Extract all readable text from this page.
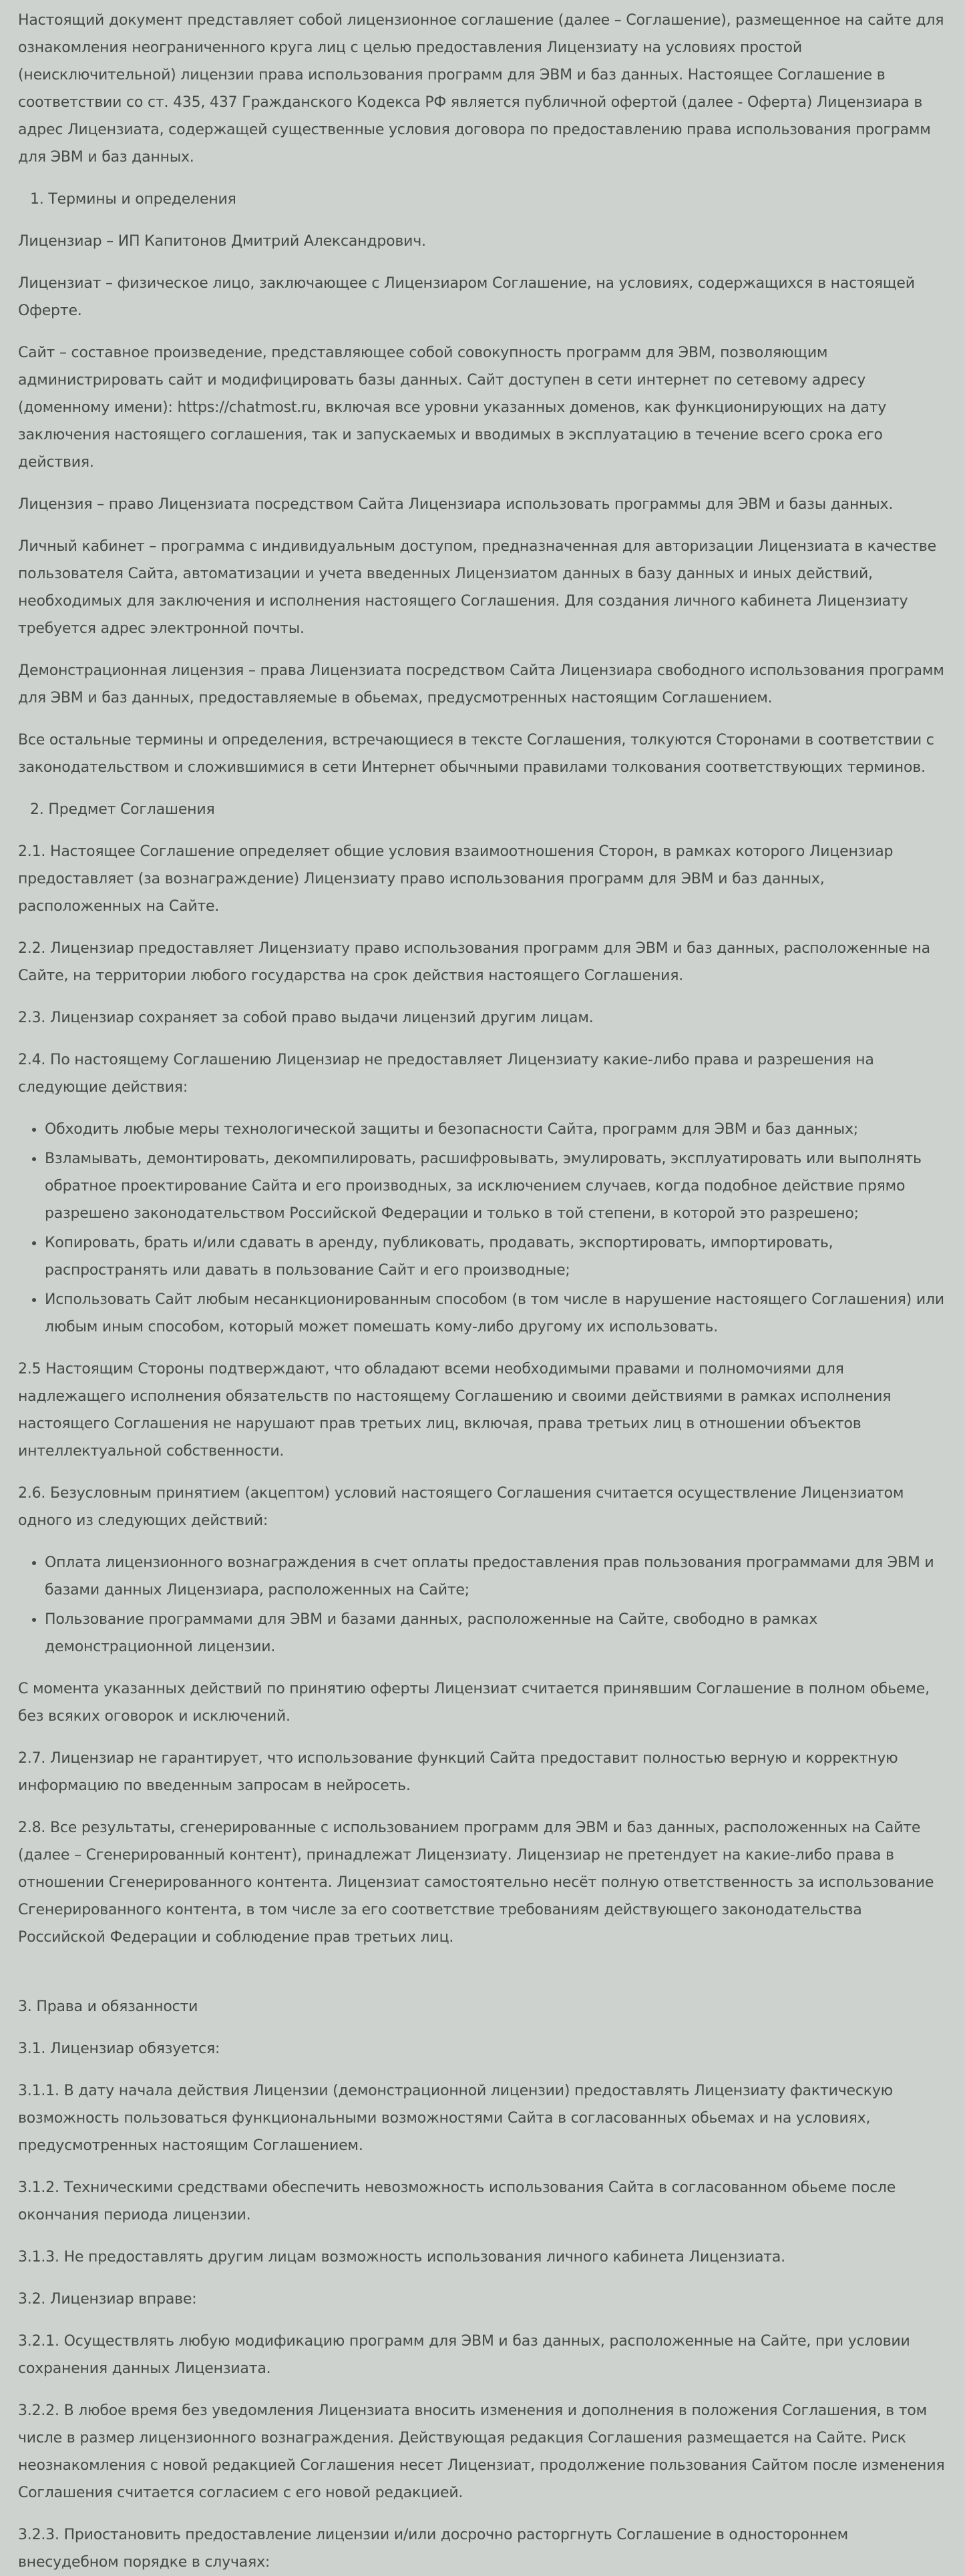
Настоящий документ представляет собой лицензионное соглашение (далее – Соглашение), размещенное на сайте для ознакомления неограниченного круга лиц с целью предоставления Лицензиату на условиях простой (неисключительной) лицензии права использования программ для ЭВМ и баз данных. Настоящее Соглашение в соответствии со ст. 435, 437 Гражданского Кодекса РФ является публичной офертой (далее - Оферта) Лицензиара в адрес Лицензиата, содержащей существенные условия договора по предоставлению права использования программ для ЭВМ и баз данных.

1. Термины и определения

Лицензиар – ИП Капитонов Дмитрий Александрович.

Лицензиат – физическое лицо, заключающее с Лицензиаром Соглашение, на условиях, содержащихся в настоящей Оферте.

Сайт – составное произведение, представляющее собой совокупность программ для ЭВМ, позволяющим администрировать сайт и модифицировать базы данных. Сайт доступен в сети интернет по сетевому адресу (доменному имени): https://chatmost.ru, включая все уровни указанных доменов, как функционирующих на дату заключения настоящего соглашения, так и запускаемых и вводимых в эксплуатацию в течение всего срока его действия.

Лицензия – право Лицензиата посредством Сайта Лицензиара использовать программы для ЭВМ и базы данных.

Личный кабинет – программа с индивидуальным доступом, предназначенная для авторизации Лицензиата в качестве пользователя Сайта, автоматизации и учета введенных Лицензиатом данных в базу данных и иных действий, необходимых для заключения и исполнения настоящего Соглашения. Для создания личного кабинета Лицензиату требуется адрес электронной почты.

Демонстрационная лицензия – права Лицензиата посредством Сайта Лицензиара свободного использования программ для ЭВМ и баз данных, предоставляемые в обьемах, предусмотренных настоящим Соглашением.

Все остальные термины и определения, встречающиеся в тексте Соглашения, толкуются Сторонами в соответствии с законодательством и сложившимися в сети Интернет обычными правилами толкования соответствующих терминов.

2. Предмет Соглашения

2.1. Настоящее Соглашение определяет общие условия взаимоотношения Сторон, в рамках которого Лицензиар предоставляет (за вознаграждение) Лицензиату право использования программ для ЭВМ и баз данных, расположенных на Сайте.

2.2. Лицензиар предоставляет Лицензиату право использования программ для ЭВМ и баз данных, расположенные на Сайте, на территории любого государства на срок действия настоящего Соглашения.

2.3. Лицензиар сохраняет за собой право выдачи лицензий другим лицам.

2.4. По настоящему Соглашению Лицензиар не предоставляет Лицензиату какие-либо права и разрешения на следующие действия:

• Обходить любые меры технологической защиты и безопасности Сайта, программ для ЭВМ и баз данных;
• Взламывать, демонтировать, декомпилировать, расшифровывать, эмулировать, эксплуатировать или выполнять обратное проектирование Сайта и его производных, за исключением случаев, когда подобное действие прямо разрешено законодательством Российской Федерации и только в той степени, в которой это разрешено;
• Копировать, брать и/или сдавать в аренду, публиковать, продавать, экспортировать, импортировать, распространять или давать в пользование Сайт и его производные;
• Использовать Сайт любым несанкционированным способом (в том числе в нарушение настоящего Соглашения) или любым иным способом, который может помешать кому-либо другому их использовать.

2.5 Настоящим Стороны подтверждают, что обладают всеми необходимыми правами и полномочиями для надлежащего исполнения обязательств по настоящему Соглашению и своими действиями в рамках исполнения настоящего Соглашения не нарушают прав третьих лиц, включая, права третьих лиц в отношении объектов интеллектуальной собственности.

2.6. Безусловным принятием (акцептом) условий настоящего Соглашения считается осуществление Лицензиатом одного из следующих действий:

• Оплата лицензионного вознаграждения в счет оплаты предоставления прав пользования программами для ЭВМ и базами данных Лицензиара, расположенных на Сайте;
• Пользование программами для ЭВМ и базами данных, расположенные на Сайте, свободно в рамках демонстрационной лицензии.

С момента указанных действий по принятию оферты Лицензиат считается принявшим Соглашение в полном обьеме, без всяких оговорок и исключений.

2.7. Лицензиар не гарантирует, что использование функций Сайта предоставит полностью верную и корректную информацию по введенным запросам в нейросеть.

2.8. Все результаты, сгенерированные с использованием программ для ЭВМ и баз данных, расположенных на Сайте (далее – Сгенерированный контент), принадлежат Лицензиату. Лицензиар не претендует на какие-либо права в отношении Сгенерированного контента. Лицензиат самостоятельно несёт полную ответственность за использование Сгенерированного контента, в том числе за его соответствие требованиям действующего законодательства Российской Федерации и соблюдение прав третьих лиц.

3. Права и обязанности

3.1. Лицензиар обязуется:

3.1.1. В дату начала действия Лицензии (демонстрационной лицензии) предоставлять Лицензиату фактическую возможность пользоваться функциональными возможностями Сайта в согласованных обьемах и на условиях, предусмотренных настоящим Соглашением.

3.1.2. Техническими средствами обеспечить невозможность использования Сайта в согласованном обьеме после окончания периода лицензии.

3.1.3. Не предоставлять другим лицам возможность использования личного кабинета Лицензиата.

3.2. Лицензиар вправе:

3.2.1. Осуществлять любую модификацию программ для ЭВМ и баз данных, расположенные на Сайте, при условии сохранения данных Лицензиата.

3.2.2. В любое время без уведомления Лицензиата вносить изменения и дополнения в положения Соглашения, в том числе в размер лицензионного вознаграждения. Действующая редакция Соглашения размещается на Сайте. Риск неознакомления с новой редакцией Соглашения несет Лицензиат, продолжение пользования Сайтом после изменения Соглашения считается согласием с его новой редакцией.

3.2.3. Приостановить предоставление лицензии и/или досрочно расторгнуть Соглашение в одностороннем внесудебном порядке в случаях:
